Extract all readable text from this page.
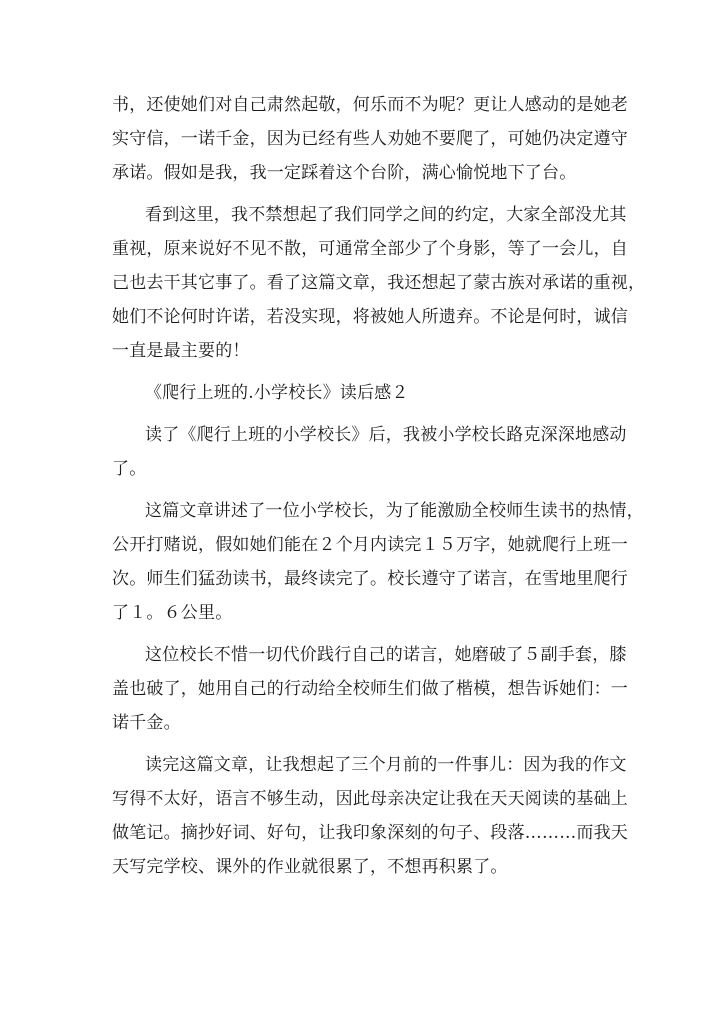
书，还使她们对自己肃然起敬，何乐而不为呢？更让人感动的是她老
实守信，一诺千金，因为已经有些人劝她不要爬了，可她仍决定遵守
承诺。假如是我，我一定踩着这个台阶，满心愉悦地下了台。
看到这里，我不禁想起了我们同学之间的约定，大家全部没尤其
重视，原来说好不见不散，可通常全部少了个身影，等了一会儿，自
己也去干其它事了。看了这篇文章，我还想起了蒙古族对承诺的重视，
她们不论何时许诺，若没实现，将被她人所遗弃。不论是何时，诚信
一直是最主要的！
《爬行上班的.小学校长》读后感２
读了《爬行上班的小学校长》后，我被小学校长路克深深地感动
了。
这篇文章讲述了一位小学校长，为了能激励全校师生读书的热情，
公开打赌说，假如她们能在２个月内读完１５万字，她就爬行上班一
次。师生们猛劲读书，最终读完了。校长遵守了诺言，在雪地里爬行
了１。６公里。
这位校长不惜一切代价践行自己的诺言，她磨破了５副手套，膝
盖也破了，她用自己的行动给全校师生们做了楷模，想告诉她们：一
诺千金。
读完这篇文章，让我想起了三个月前的一件事儿：因为我的作文
写得不太好，语言不够生动，因此母亲决定让我在天天阅读的基础上
做笔记。摘抄好词、好句，让我印象深刻的句子、段落………而我天
天写完学校、课外的作业就很累了，不想再积累了。
